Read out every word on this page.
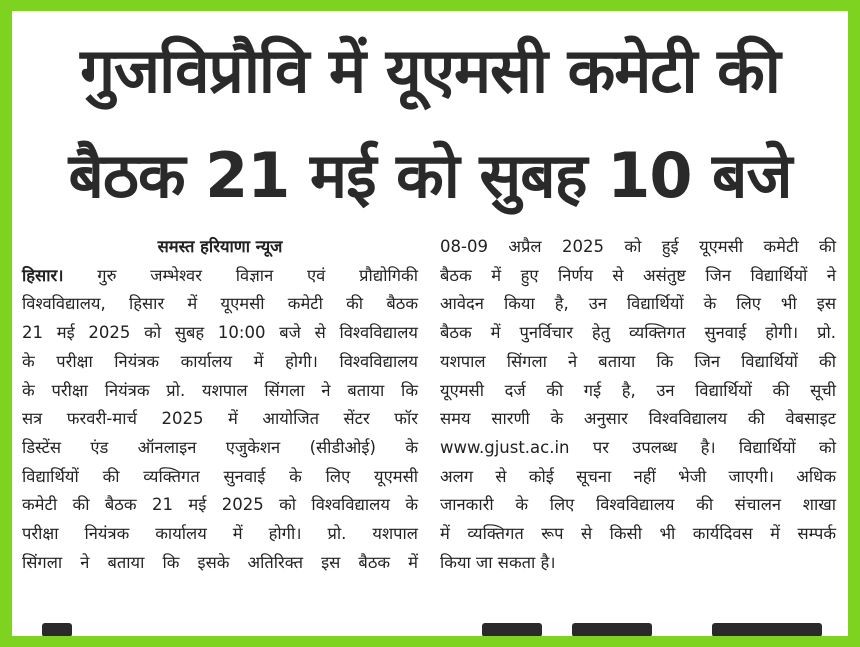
गुजविप्रौवि में यूएमसी कमेटी की
बैठक 21 मई को सुबह 10 बजे
समस्त हरियाणा न्यूज
हिसार। गुरु जम्भेश्वर विज्ञान एवं प्रौद्योगिकी
विश्वविद्यालय, हिसार में यूएमसी कमेटी की बैठक
21 मई 2025 को सुबह 10:00 बजे से विश्वविद्यालय
के परीक्षा नियंत्रक कार्यालय में होगी। विश्वविद्यालय
के परीक्षा नियंत्रक प्रो. यशपाल सिंगला ने बताया कि
सत्र फरवरी-मार्च 2025 में आयोजित सेंटर फॉर
डिस्टेंस एंड ऑनलाइन एजुकेशन (सीडीओई) के
विद्यार्थियों की व्यक्तिगत सुनवाई के लिए यूएमसी
कमेटी की बैठक 21 मई 2025 को विश्वविद्यालय के
परीक्षा नियंत्रक कार्यालय में होगी। प्रो. यशपाल
सिंगला ने बताया कि इसके अतिरिक्त इस बैठक में
08-09 अप्रैल 2025 को हुई यूएमसी कमेटी की
बैठक में हुए निर्णय से असंतुष्ट जिन विद्यार्थियों ने
आवेदन किया है, उन विद्यार्थियों के लिए भी इस
बैठक में पुनर्विचार हेतु व्यक्तिगत सुनवाई होगी। प्रो.
यशपाल सिंगला ने बताया कि जिन विद्यार्थियों की
यूएमसी दर्ज की गई है, उन विद्यार्थियों की सूची
समय सारणी के अनुसार विश्वविद्यालय की वेबसाइट
www.gjust.ac.in पर उपलब्ध है। विद्यार्थियों को
अलग से कोई सूचना नहीं भेजी जाएगी। अधिक
जानकारी के लिए विश्वविद्यालय की संचालन शाखा
में व्यक्तिगत रूप से किसी भी कार्यदिवस में सम्पर्क
किया जा सकता है।
